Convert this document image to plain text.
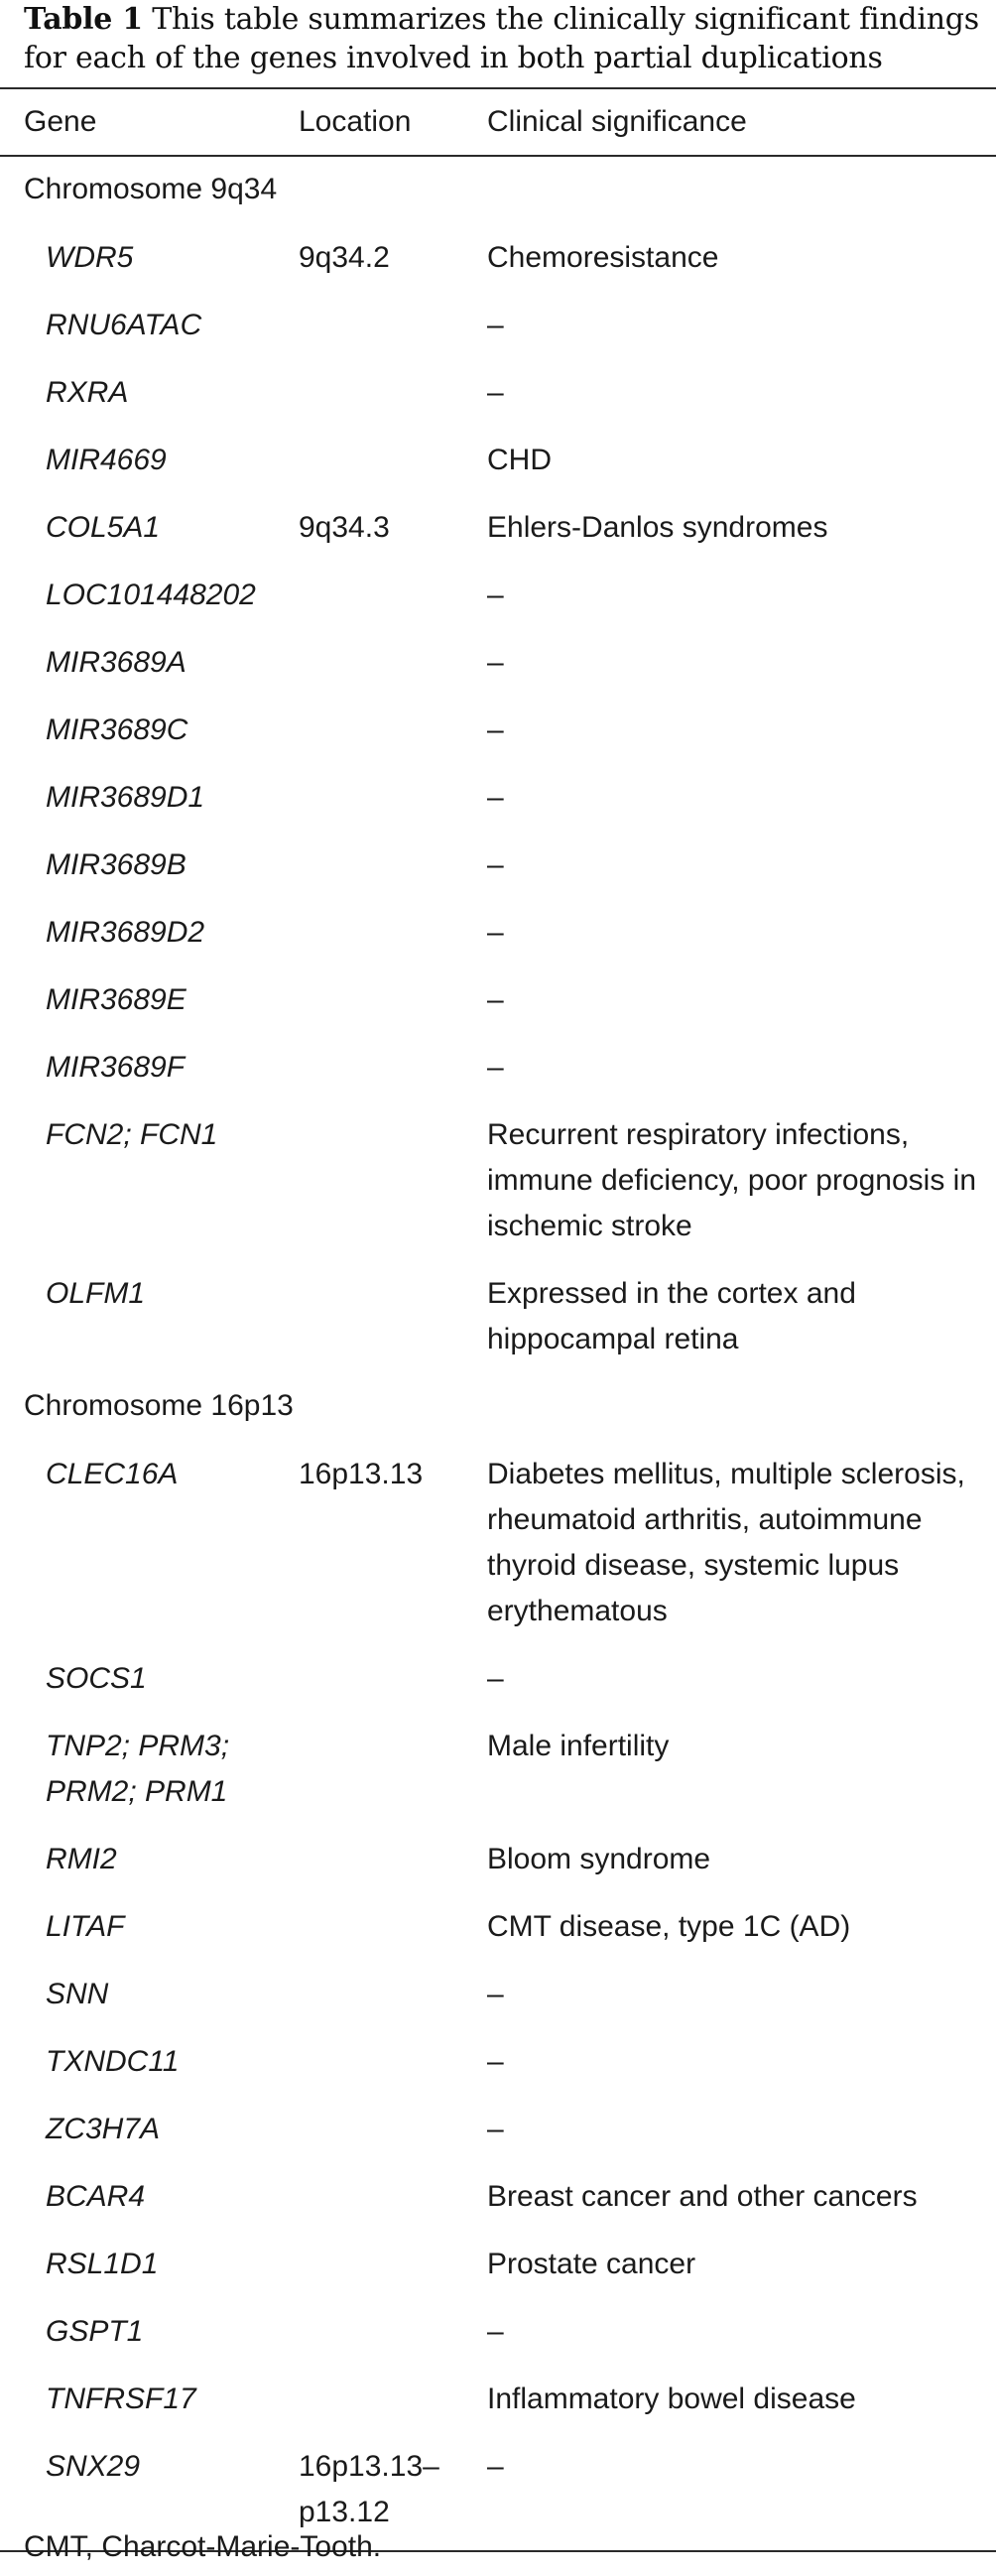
Table 1 This table summarizes the clinically significant findings for each of the genes involved in both partial duplications
Gene	Location	Clinical significance
Chromosome 9q34		
WDR5	9q34.2	Chemoresistance
RNU6ATAC		–
RXRA		–
MIR4669		CHD
COL5A1	9q34.3	Ehlers-Danlos syndromes
LOC101448202		–
MIR3689A		–
MIR3689C		–
MIR3689D1		–
MIR3689B		–
MIR3689D2		–
MIR3689E		–
MIR3689F		–
FCN2; FCN1		Recurrent respiratory infections, immune deficiency, poor prognosis in ischemic stroke
OLFM1		Expressed in the cortex and hippocampal retina
Chromosome 16p13		
CLEC16A	16p13.13	Diabetes mellitus, multiple sclerosis, rheumatoid arthritis, autoimmune thyroid disease, systemic lupus erythematous
SOCS1		–
TNP2; PRM3; PRM2; PRM1		Male infertility
RMI2		Bloom syndrome
LITAF		CMT disease, type 1C (AD)
SNN		–
TXNDC11		–
ZC3H7A		–
BCAR4		Breast cancer and other cancers
RSL1D1		Prostate cancer
GSPT1		–
TNFRSF17		Inflammatory bowel disease
SNX29	16p13.13–p13.12	–
CMT, Charcot-Marie-Tooth.
